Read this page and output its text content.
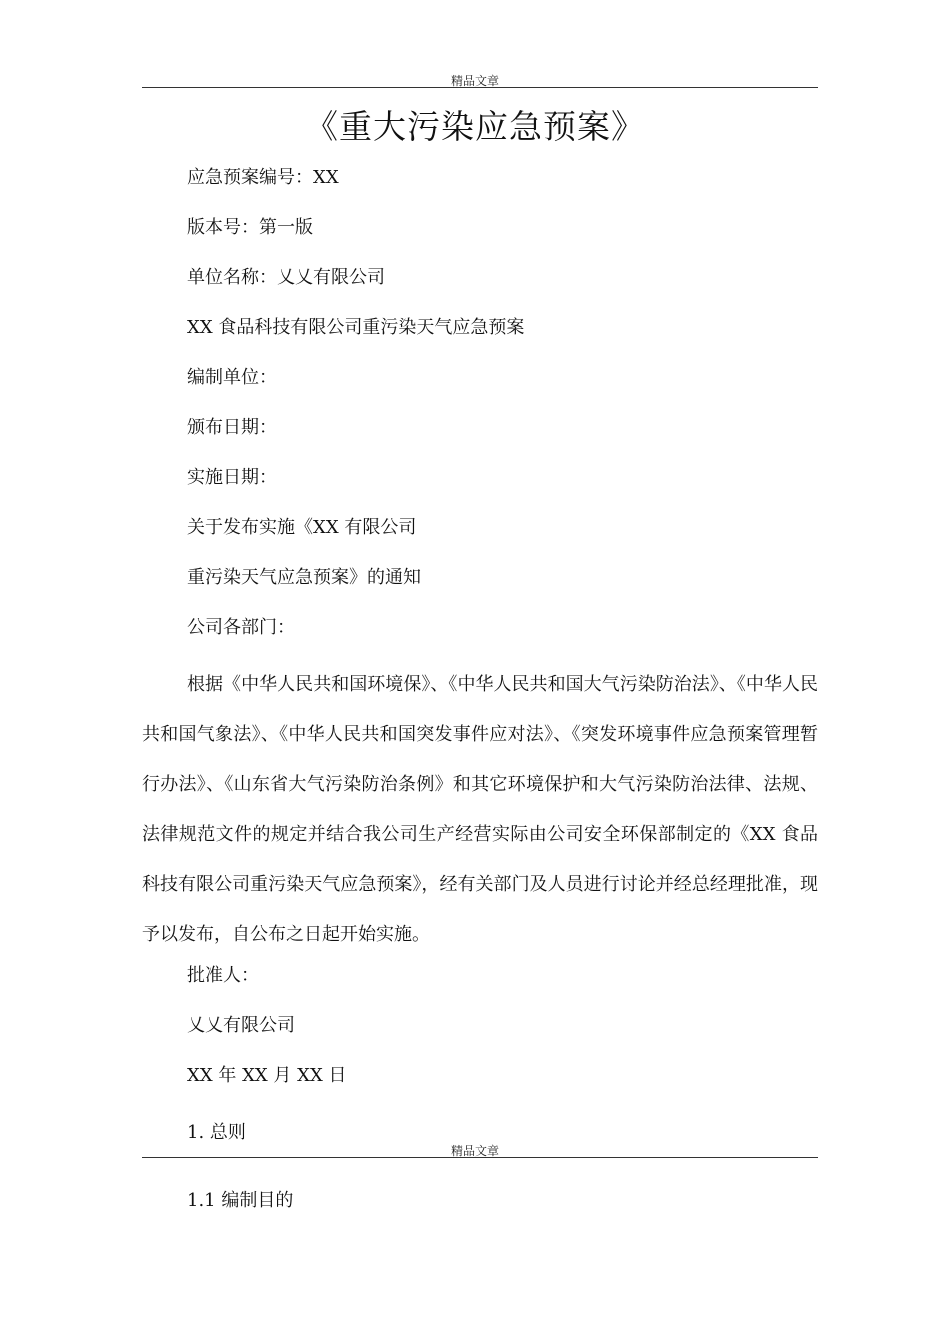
精品文章
《重大污染应急预案》
应急预案编号：XX
版本号：第一版
单位名称：乂乂有限公司
XX 食品科技有限公司重污染天气应急预案
编制单位：
颁布日期：
实施日期：
关于发布实施《XX 有限公司
重污染天气应急预案》的通知
公司各部门：

根据《中华人民共和国环境保》、《中华人民共和国大气污染防治法》、《中华人民共和国气象法》、《中华人民共和国突发事件应对法》、《突发环境事件应急预案管理暂行办法》、《山东省大气污染防治条例》和其它环境保护和大气污染防治法律、法规、法律规范文件的规定并结合我公司生产经营实际由公司安全环保部制定的《XX 食品科技有限公司重污染天气应急预案》，经有关部门及人员进行讨论并经总经理批准，现予以发布，自公布之日起开始实施。

批准人：
乂乂有限公司
XX 年 XX 月 XX 日
1. 总则
精品文章
1.1 编制目的
